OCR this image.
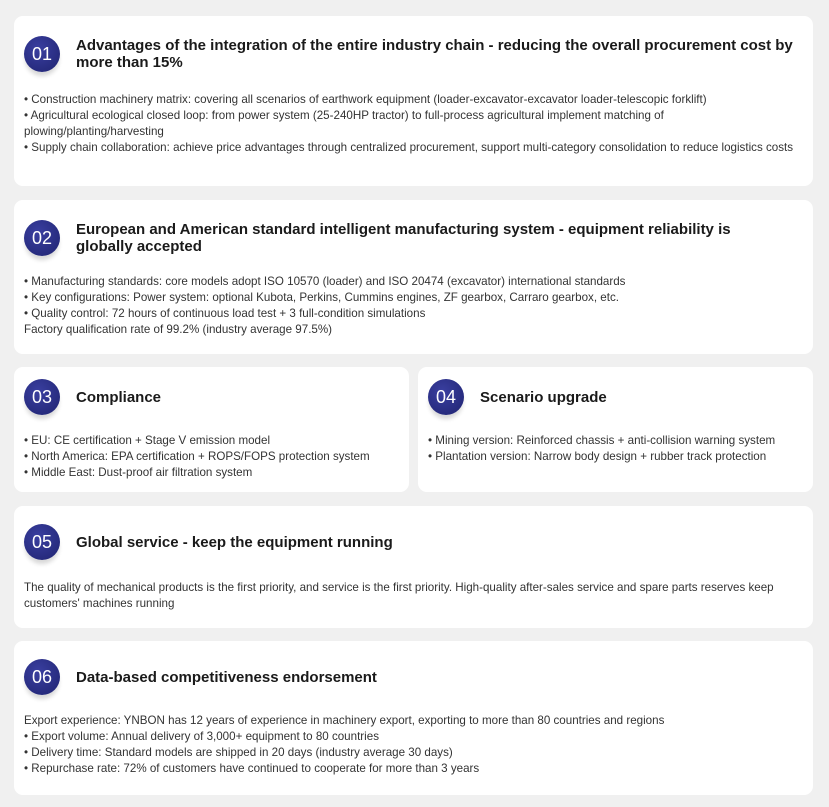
01	Advantages of the integration of the entire industry chain - reducing the overall procurement cost by more than 15%
• Construction machinery matrix: covering all scenarios of earthwork equipment (loader-excavator-excavator loader-telescopic forklift)
• Agricultural ecological closed loop: from power system (25-240HP tractor) to full-process agricultural implement matching of plowing/planting/harvesting
• Supply chain collaboration: achieve price advantages through centralized procurement, support multi-category consolidation to reduce logistics costs
02	European and American standard intelligent manufacturing system - equipment reliability is globally accepted
• Manufacturing standards: core models adopt ISO 10570 (loader) and ISO 20474 (excavator) international standards
• Key configurations: Power system: optional Kubota, Perkins, Cummins engines, ZF gearbox, Carraro gearbox, etc.
• Quality control: 72 hours of continuous load test + 3 full-condition simulations
Factory qualification rate of 99.2% (industry average 97.5%)
03	Compliance
• EU: CE certification + Stage V emission model
• North America: EPA certification + ROPS/FOPS protection system
• Middle East: Dust-proof air filtration system
04	Scenario upgrade
• Mining version: Reinforced chassis + anti-collision warning system
• Plantation version: Narrow body design + rubber track protection
05	Global service - keep the equipment running
The quality of mechanical products is the first priority, and service is the first priority. High-quality after-sales service and spare parts reserves keep customers' machines running
06	Data-based competitiveness endorsement
Export experience: YNBON has 12 years of experience in machinery export, exporting to more than 80 countries and regions
• Export volume: Annual delivery of 3,000+ equipment to 80 countries
• Delivery time: Standard models are shipped in 20 days (industry average 30 days)
• Repurchase rate: 72% of customers have continued to cooperate for more than 3 years
